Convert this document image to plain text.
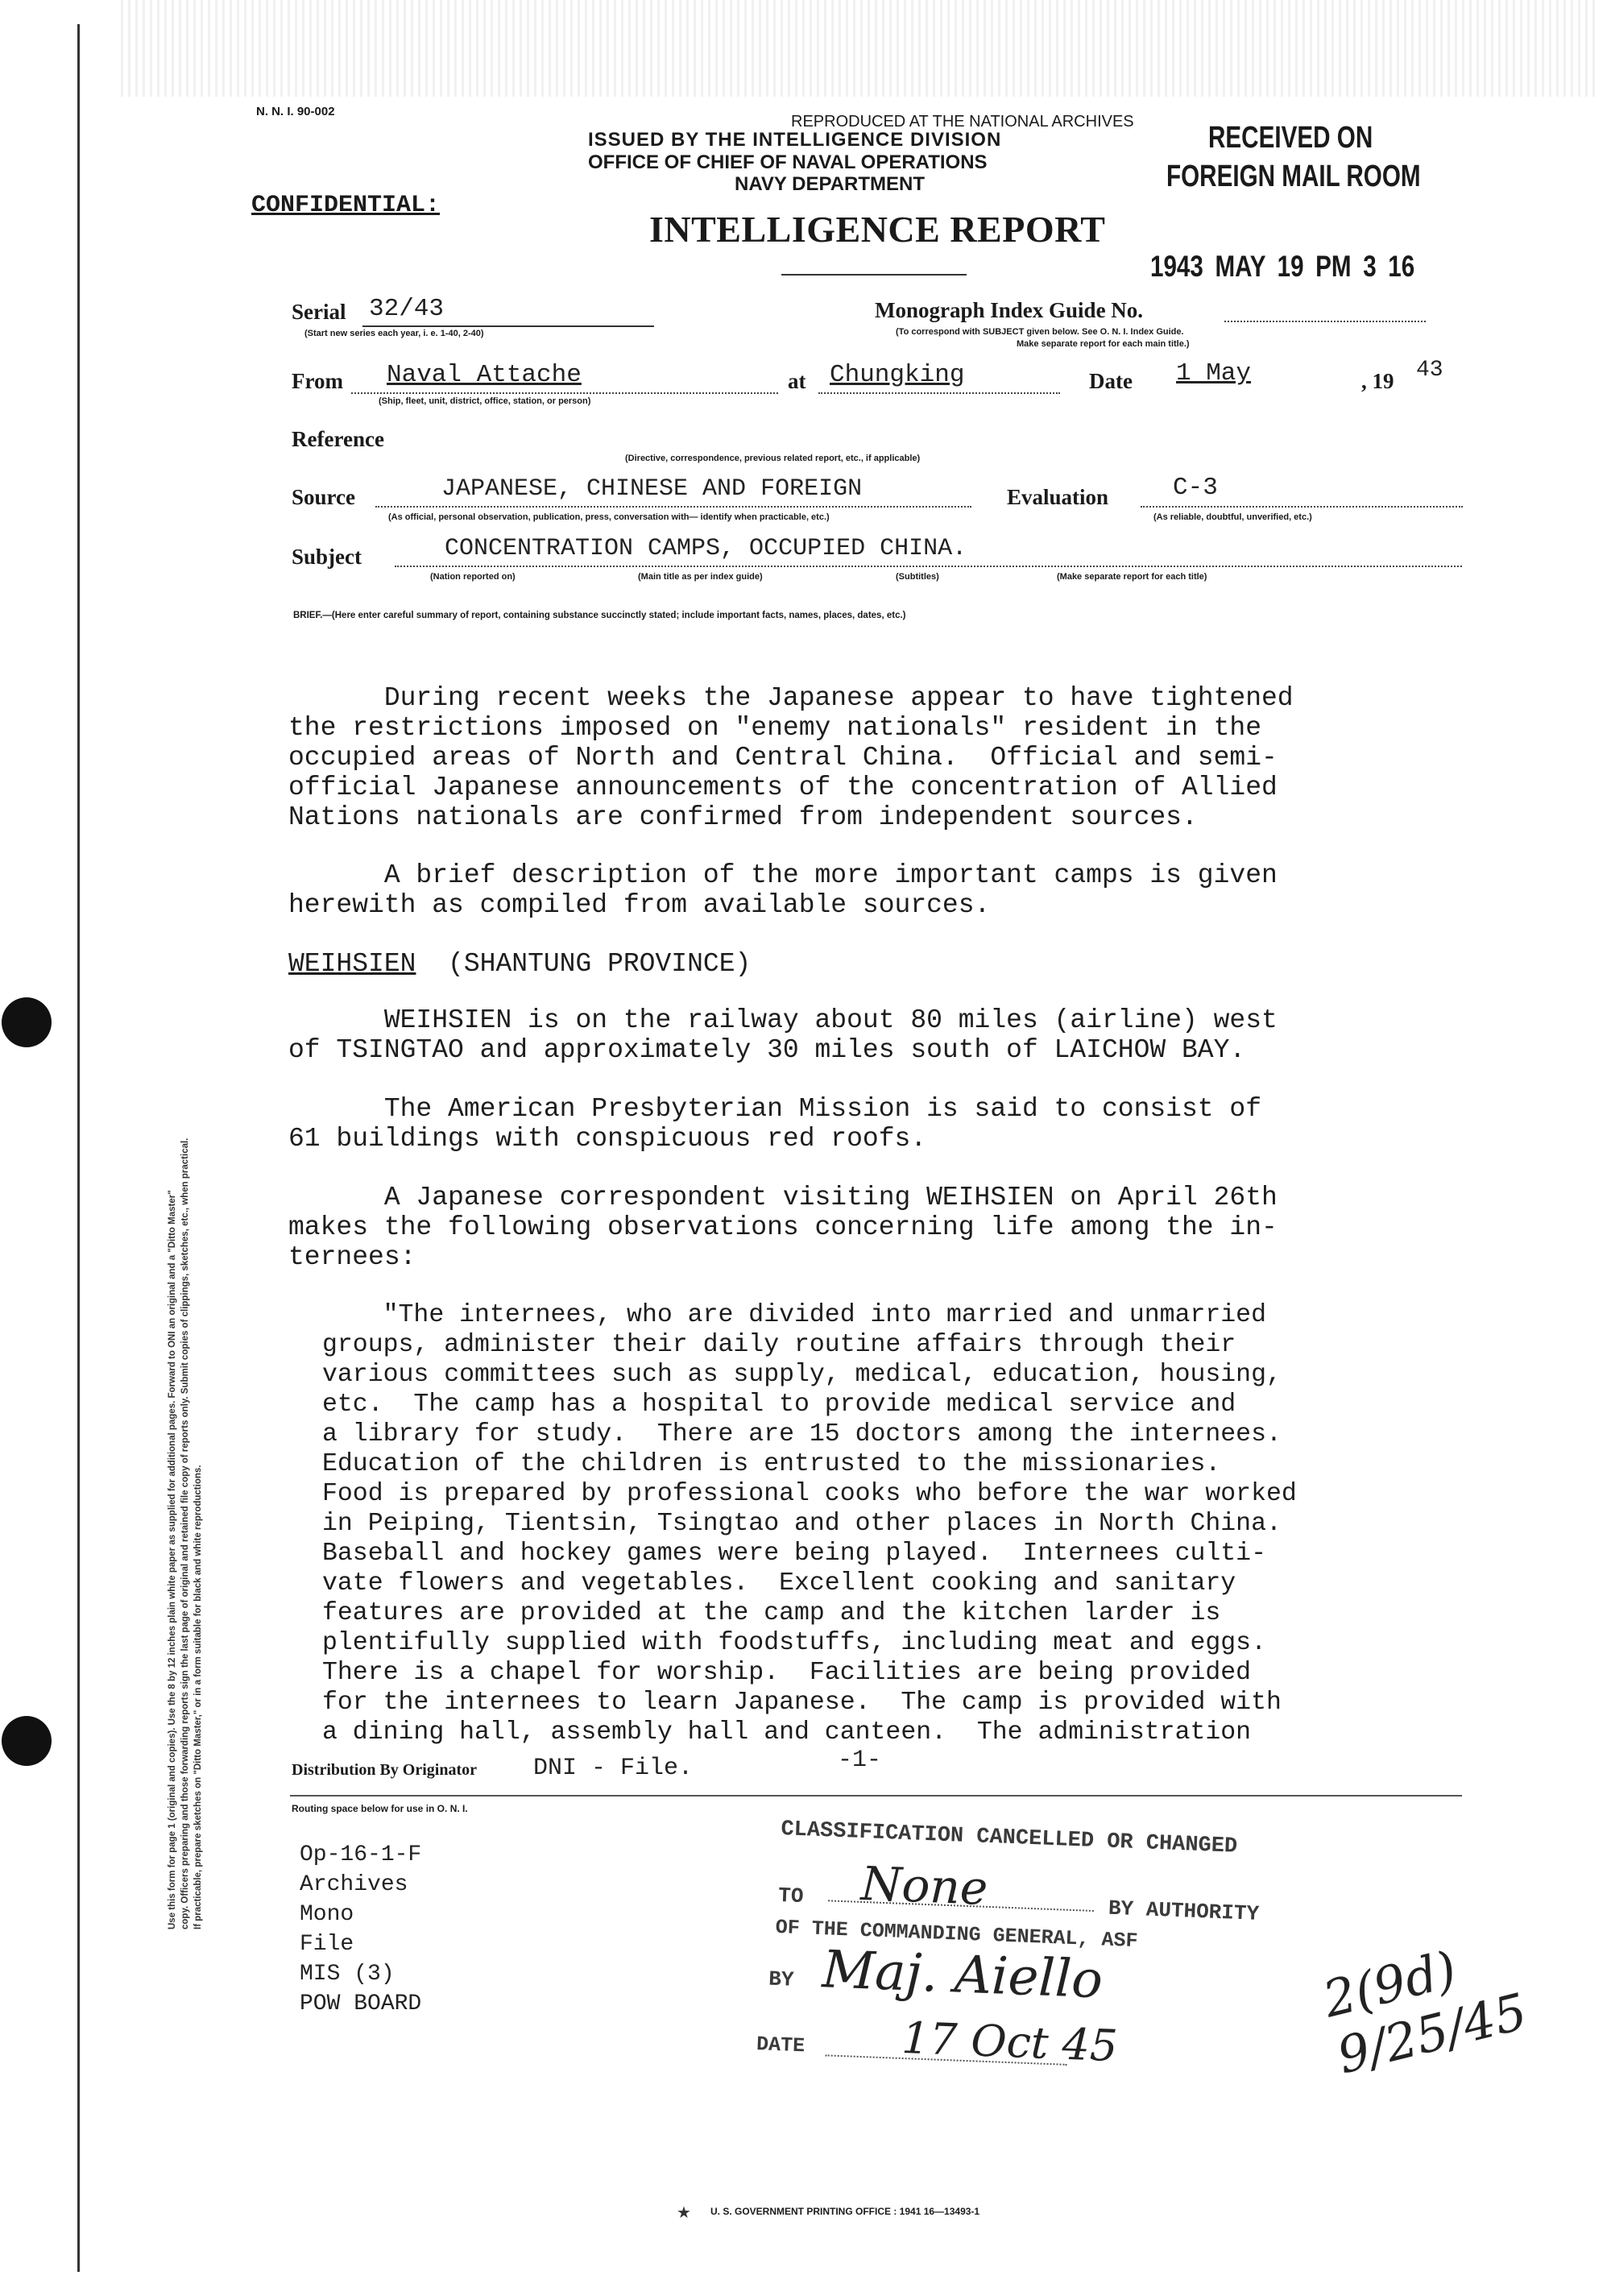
N. N. I. 90-002
REPRODUCED AT THE NATIONAL ARCHIVES
ISSUED BY THE INTELLIGENCE DIVISION
OFFICE OF CHIEF OF NAVAL OPERATIONS
NAVY DEPARTMENT
RECEIVED ON
FOREIGN MAIL ROOM
CONFIDENTIAL:
INTELLIGENCE REPORT
1943 MAY 19 PM 3 16
Serial 32/43
(Start new series each year, i. e. 1-40, 2-40)
Monograph Index Guide No.
(To correspond with SUBJECT given below. See O. N. I. Index Guide.
Make separate report for each main title.)
From Naval Attache
(Ship, fleet, unit, district, office, station, or person)
at Chungking	Date 1 May	, 19 43
Reference
(Directive, correspondence, previous related report, etc., if applicable)
Source	JAPANESE, CHINESE AND FOREIGN
(As official, personal observation, publication, press, conversation with— identify when practicable, etc.)
Evaluation	C-3
(As reliable, doubtful, unverified, etc.)
Subject	CONCENTRATION CAMPS, OCCUPIED CHINA.
(Nation reported on)	(Main title as per index guide)	(Subtitles)	(Make separate report for each title)
BRIEF.—(Here enter careful summary of report, containing substance succinctly stated; include important facts, names, places, dates, etc.)
During recent weeks the Japanese appear to have tightened
the restrictions imposed on "enemy nationals" resident in the
occupied areas of North and Central China.  Official and semi-
official Japanese announcements of the concentration of Allied
Nations nationals are confirmed from independent sources.
A brief description of the more important camps is given
herewith as compiled from available sources.
WEIHSIEN (SHANTUNG PROVINCE)
WEIHSIEN is on the railway about 80 miles (airline) west
of TSINGTAO and approximately 30 miles south of LAICHOW BAY.
The American Presbyterian Mission is said to consist of
61 buildings with conspicuous red roofs.
A Japanese correspondent visiting WEIHSIEN on April 26th
makes the following observations concerning life among the in-
ternees:
"The internees, who are divided into married and unmarried
groups, administer their daily routine affairs through their
various committees such as supply, medical, education, housing,
etc.  The camp has a hospital to provide medical service and
a library for study.  There are 15 doctors among the internees.
Education of the children is entrusted to the missionaries.
Food is prepared by professional cooks who before the war worked
in Peiping, Tientsin, Tsingtao and other places in North China.
Baseball and hockey games were being played.  Internees culti-
vate flowers and vegetables.  Excellent cooking and sanitary
features are provided at the camp and the kitchen larder is
plentifully supplied with foodstuffs, including meat and eggs.
There is a chapel for worship.  Facilities are being provided
for the internees to learn Japanese.  The camp is provided with
a dining hall, assembly hall and canteen.  The administration
Distribution By Originator DNI - File.	-1-
Routing space below for use in O. N. I.
Op-16-1-F
Archives
Mono
File
MIS (3)
POW BOARD
CLASSIFICATION CANCELLED OR CHANGED
TO None	BY AUTHORITY
OF THE COMMANDING GENERAL, ASF
BY Maj. Aiello
DATE 17 Oct 45
2(9d) 9/25/45
★ U. S. GOVERNMENT PRINTING OFFICE : 1941 16—13493-1
Use this form for page 1 (original and copies). Use the 8 by 12 inches plain white paper as supplied for additional pages. Forward to ONI an original and a "Ditto Master" copy. Officers preparing and those forwarding reports sign the last page of original and retained file copy of reports only. Submit copies of clippings, sketches, etc., when practical. If practicable, prepare sketches on "Ditto Master," or in a form suitable for black and white reproductions.
